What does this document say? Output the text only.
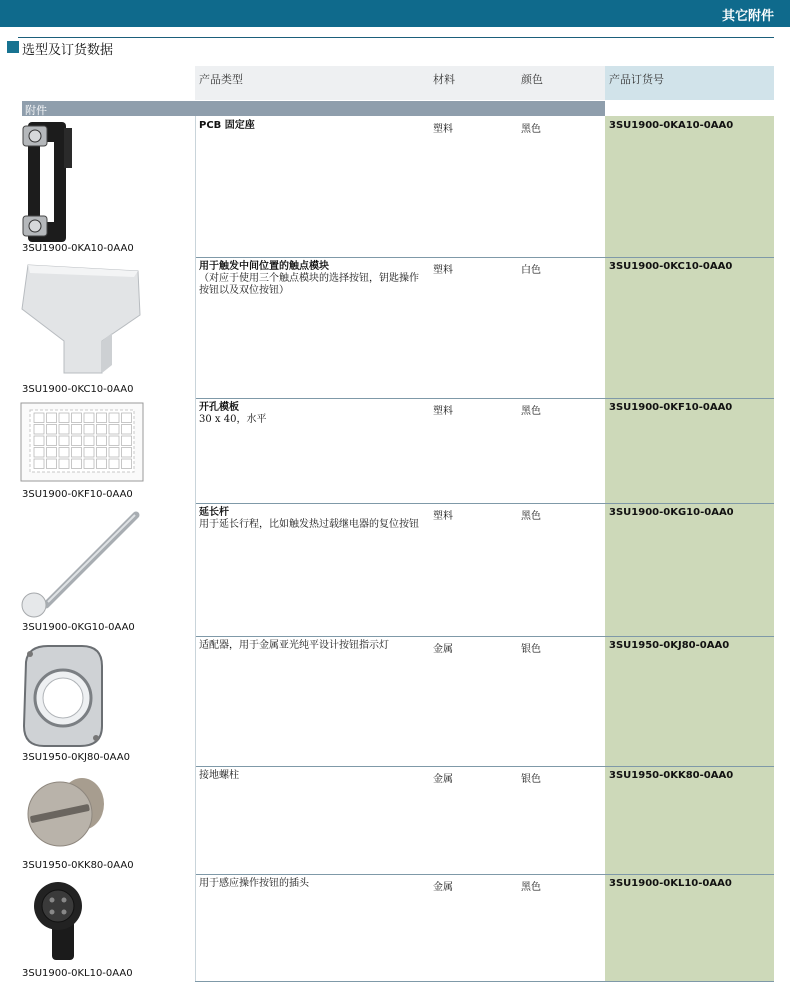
其它附件
选型及订货数据
产品类型	材料	颜色	产品订货号
附件
PCB 固定座	塑料	黑色	3SU1900-0KA10-0AA0
3SU1900-0KA10-0AA0
用于触发中间位置的触点模块
（对应于使用三个触点模块的选择按钮，钥匙操作按钮以及双位按钮）
塑料	白色	3SU1900-0KC10-0AA0
3SU1900-0KC10-0AA0
开孔模板
30 x 40，水平
塑料	黑色	3SU1900-0KF10-0AA0
3SU1900-0KF10-0AA0
延长杆
用于延长行程，比如触发热过载继电器的复位按钮
塑料	黑色	3SU1900-0KG10-0AA0
3SU1900-0KG10-0AA0
适配器，用于金属亚光纯平设计按钮指示灯	金属	银色	3SU1950-0KJ80-0AA0
3SU1950-0KJ80-0AA0
接地螺柱	金属	银色	3SU1950-0KK80-0AA0
3SU1950-0KK80-0AA0
用于感应操作按钮的插头	金属	黑色	3SU1900-0KL10-0AA0
3SU1900-0KL10-0AA0
